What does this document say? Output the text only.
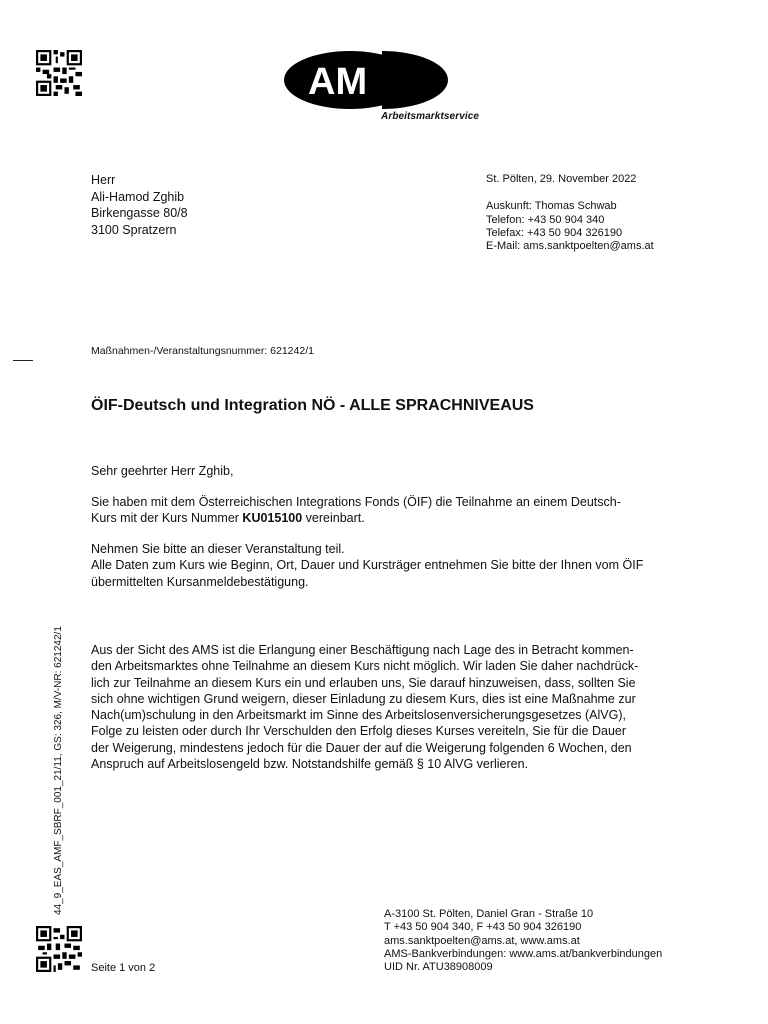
AM S
Arbeitsmarktservice
Herr
Ali-Hamod Zghib
Birkengasse 80/8
3100 Spratzern
St. Pölten, 29. November 2022
Auskunft: Thomas Schwab
Telefon: +43 50 904 340
Telefax: +43 50 904 326190
E-Mail: ams.sanktpoelten@ams.at
Maßnahmen-/Veranstaltungsnummer: 621242/1
ÖIF-Deutsch und Integration NÖ - ALLE SPRACHNIVEAUS

Sehr geehrter Herr Zghib,

Sie haben mit dem Österreichischen Integrations Fonds (ÖIF) die Teilnahme an einem Deutsch-

Kurs mit der Kurs Nummer KU015100 vereinbart.

Nehmen Sie bitte an dieser Veranstaltung teil.

Alle Daten zum Kurs wie Beginn, Ort, Dauer und Kursträger entnehmen Sie bitte der Ihnen vom ÖIF

übermittelten Kursanmeldebestätigung.

Aus der Sicht des AMS ist die Erlangung einer Beschäftigung nach Lage des in Betracht kommen-

den Arbeitsmarktes ohne Teilnahme an diesem Kurs nicht möglich. Wir laden Sie daher nachdrück-

lich zur Teilnahme an diesem Kurs ein und erlauben uns, Sie darauf hinzuweisen, dass, sollten Sie

sich ohne wichtigen Grund weigern, dieser Einladung zu diesem Kurs, dies ist eine Maßnahme zur

Nach(um)schulung in den Arbeitsmarkt im Sinne des Arbeitslosenversicherungsgesetzes (AlVG),

Folge zu leisten oder durch Ihr Verschulden den Erfolg dieses Kurses vereiteln, Sie für die Dauer

der Weigerung, mindestens jedoch für die Dauer der auf die Weigerung folgenden 6 Wochen, den

Anspruch auf Arbeitslosengeld bzw. Notstandshilfe gemäß § 10 AlVG verlieren.

44_9_EAS_AMF_SBRF_001_21/11, GS: 326, M/V-NR: 621242/1
Seite 1 von 2
A-3100 St. Pölten, Daniel Gran - Straße 10
T +43 50 904 340, F +43 50 904 326190
ams.sanktpoelten@ams.at, www.ams.at
AMS-Bankverbindungen: www.ams.at/bankverbindungen
UID Nr. ATU38908009
